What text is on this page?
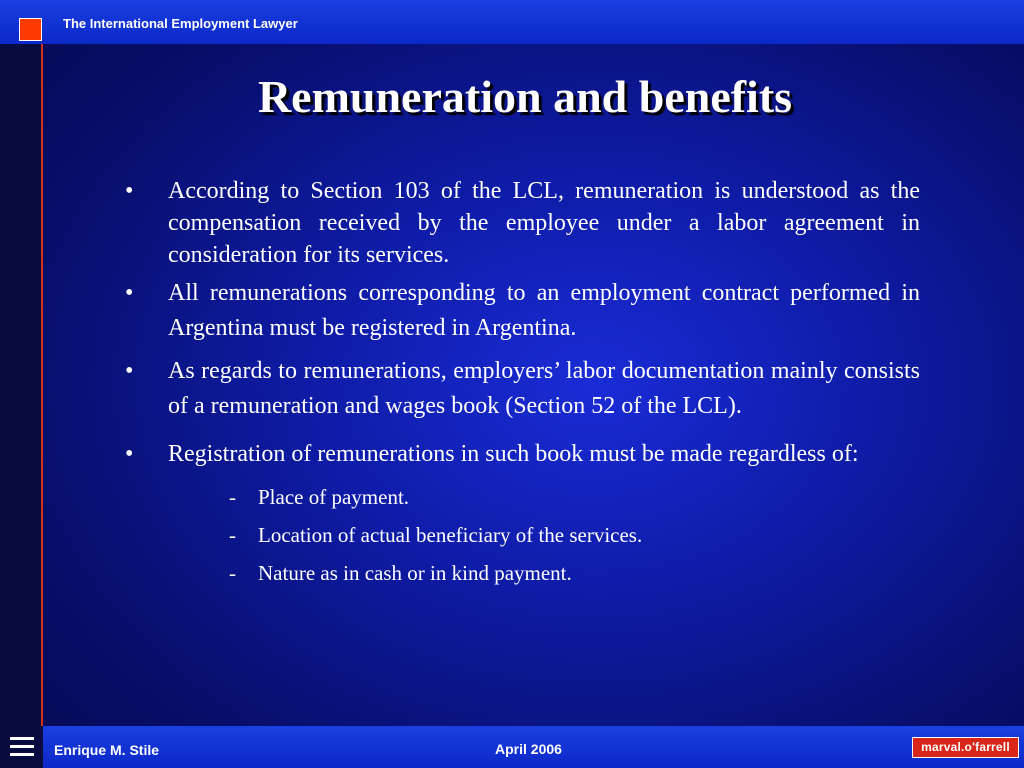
The International Employment Lawyer
Remuneration and benefits
•	According to Section 103 of the LCL, remuneration is understood as the compensation received by the employee under a labor agreement in consideration for its services.
•	All remunerations corresponding to an employment contract performed in Argentina must be registered in Argentina.
•	As regards to remunerations, employers’ labor documentation mainly consists of a remuneration and wages book (Section 52 of the LCL).
•	Registration of remunerations in such book must be made regardless of:
-	Place of payment.
-	Location of actual beneficiary of the services.
-	Nature as in cash or in kind payment.
Enrique M. Stile	April 2006	marval.o'farrell
